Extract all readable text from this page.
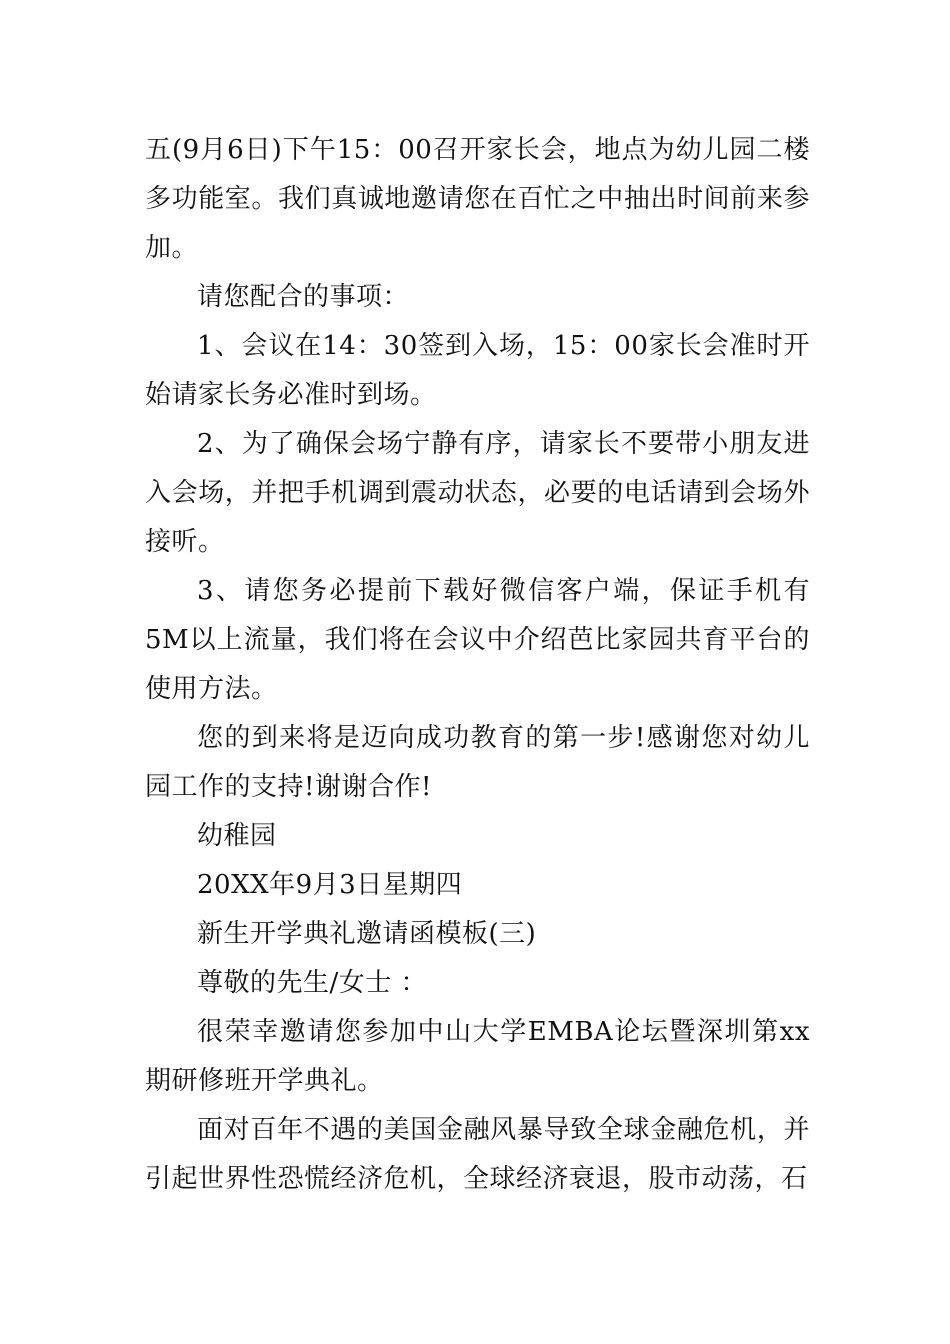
五(9月6日)下午15：00召开家长会，地点为幼儿园二楼多功能室。我们真诚地邀请您在百忙之中抽出时间前来参加。

请您配合的事项：

1、会议在14：30签到入场，15：00家长会准时开始请家长务必准时到场。

2、为了确保会场宁静有序，请家长不要带小朋友进入会场，并把手机调到震动状态，必要的电话请到会场外接听。

3、请您务必提前下载好微信客户端，保证手机有5M以上流量，我们将在会议中介绍芭比家园共育平台的使用方法。

您的到来将是迈向成功教育的第一步!感谢您对幼儿园工作的支持!谢谢合作!

幼稚园

20XX年9月3日星期四

新生开学典礼邀请函模板(三)

尊敬的先生/女士 ：

很荣幸邀请您参加中山大学EMBA论坛暨深圳第xx期研修班开学典礼。

面对百年不遇的美国金融风暴导致全球金融危机，并引起世界性恐慌经济危机，全球经济衰退，股市动荡，石
